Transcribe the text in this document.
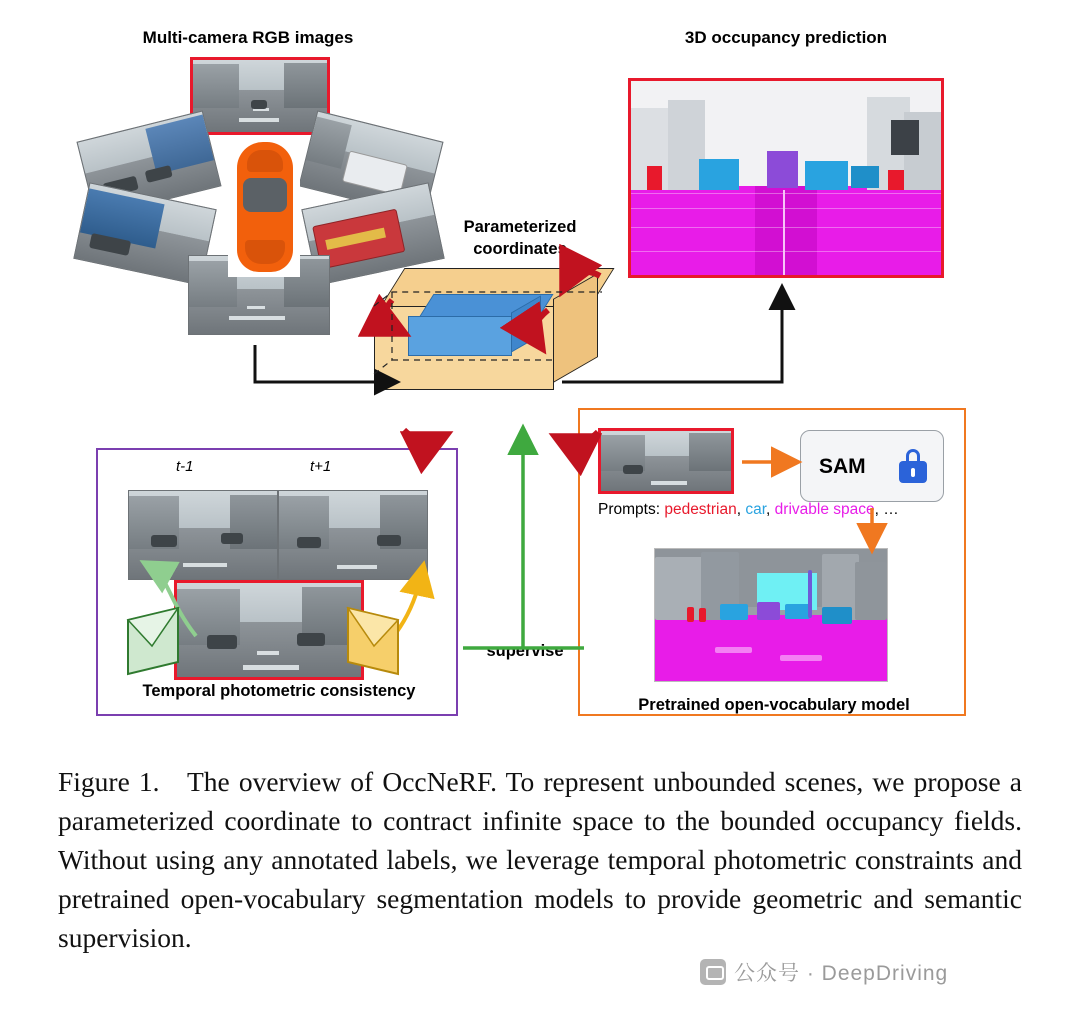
Multi-camera RGB images	3D occupancy prediction
Parameterized
coordinates
t-1	t+1
Temporal photometric consistency
Pretrained open-vocabulary model
SAM
Prompts: pedestrian, car, drivable space, …
supervise
Figure 1. The overview of OccNeRF. To represent unbounded scenes, we propose a parameterized coordinate to contract infinite space to the bounded occupancy fields. Without using any annotated labels, we leverage temporal photometric constraints and pretrained open-vocabulary segmentation models to provide geometric and semantic supervision.
公众号 · DeepDriving
